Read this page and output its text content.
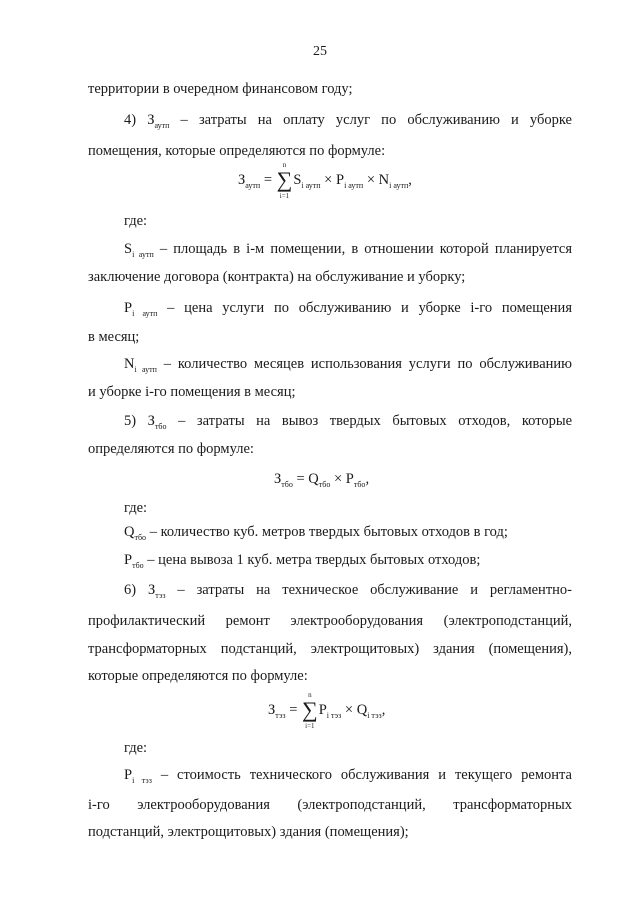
25
территории в очередном финансовом году;
4) $З_{аутп}$ – затраты на оплату услуг по обслуживанию и уборке
помещения, которые определяются по формуле:
$З_{аутп}$ =
n
∑
i=1
$S_{i аутп} \times P_{i аутп} \times N_{i аутп}$,
где:
$S_{i аутп}$ – площадь в i-м помещении, в отношении которой планируется
заключение договора (контракта) на обслуживание и уборку;
$P_{i аутп}$ – цена услуги по обслуживанию и уборке i-го помещения
в месяц;
$N_{i аутп}$ – количество месяцев использования услуги по обслуживанию
и уборке i-го помещения в месяц;
5) $З_{тбо}$ – затраты на вывоз твердых бытовых отходов, которые
определяются по формуле:
$З_{тбо} = Q_{тбо} \times P_{тбо}$,
где:
$Q_{тбо}$ – количество куб. метров твердых бытовых отходов в год;
$P_{тбо}$ – цена вывоза 1 куб. метра твердых бытовых отходов;
6) $З_{тэз}$ – затраты на техническое обслуживание и регламентно-
профилактический ремонт электрооборудования (электроподстанций,
трансформаторных подстанций, электрощитовых) здания (помещения),
которые определяются по формуле:
$З_{тэз}$ =
n
∑
i=1
$P_{i тэз} \times Q_{i тэз}$,
где:
$P_{i тэз}$ – стоимость технического обслуживания и текущего ремонта
i-го электрооборудования (электроподстанций, трансформаторных
подстанций, электрощитовых) здания (помещения);
